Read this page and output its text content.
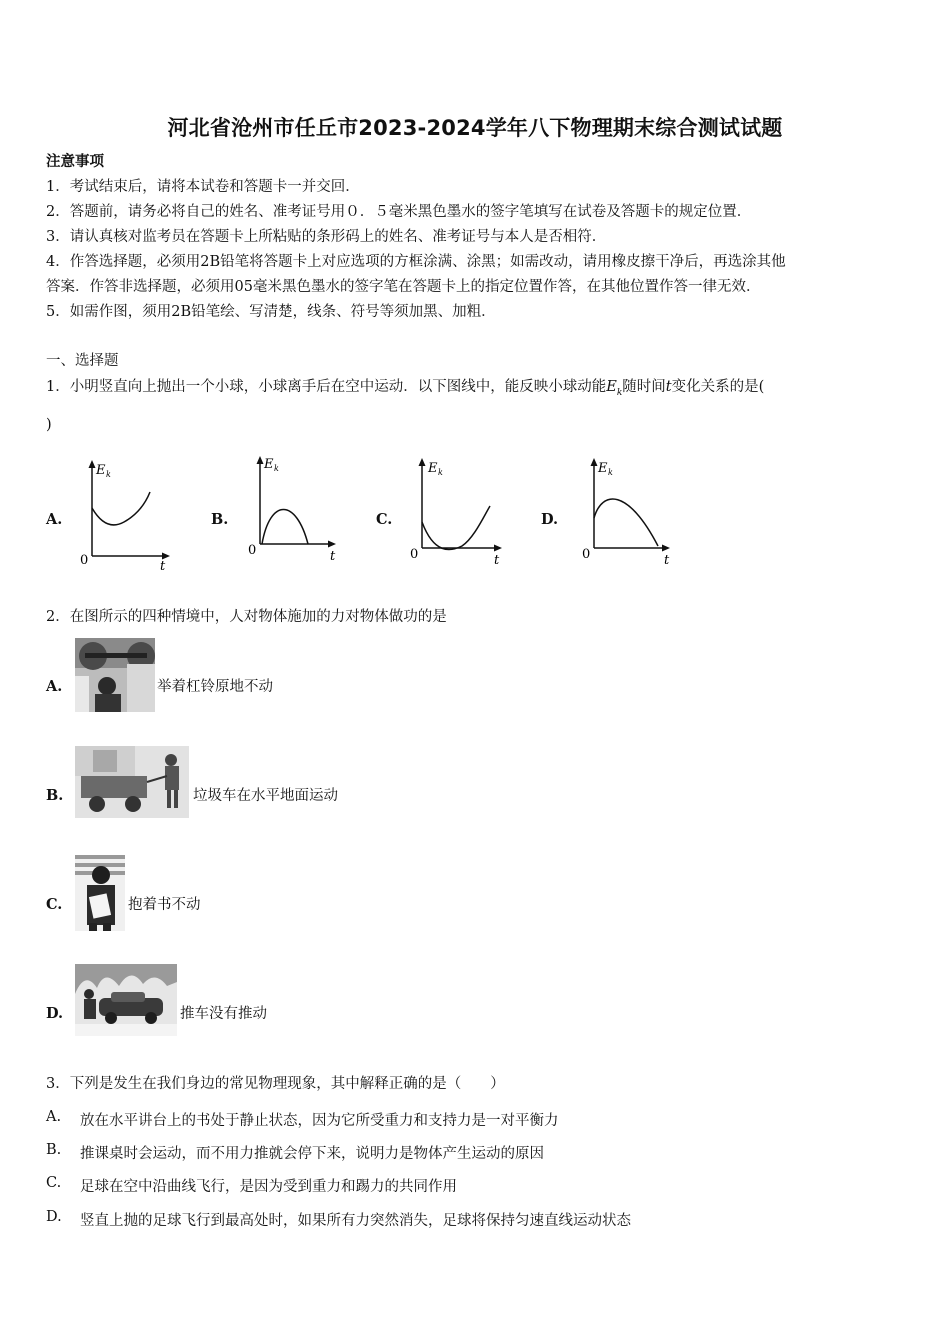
河北省沧州市任丘市2023-2024学年八下物理期末综合测试试题
注意事项
1．考试结束后，请将本试卷和答题卡一并交回．
2．答题前，请务必将自己的姓名、准考证号用０．５毫米黑色墨水的签字笔填写在试卷及答题卡的规定位置．
3．请认真核对监考员在答题卡上所粘贴的条形码上的姓名、准考证号与本人是否相符．
4．作答选择题，必须用2B铅笔将答题卡上对应选项的方框涂满、涂黑；如需改动，请用橡皮擦干净后，再选涂其他
答案．作答非选择题，必须用05毫米黑色墨水的签字笔在答题卡上的指定位置作答，在其他位置作答一律无效．
5．如需作图，须用2B铅笔绘、写清楚，线条、符号等须加黑、加粗．
一、选择题
1．小明竖直向上抛出一个小球，小球离手后在空中运动．以下图线中，能反映小球动能$E_k$随时间t变化关系的是(
)
A.
E k
0	t
B.
E k
0	t
C.
E k
0	t
D.
E k
0	t
2．在图所示的四种情境中，人对物体施加的力对物体做功的是
A.	举着杠铃原地不动
B.	垃圾车在水平地面运动
C.	抱着书不动
D.	推车没有推动
3．下列是发生在我们身边的常见物理现象，其中解释正确的是（　　）
A. 放在水平讲台上的书处于静止状态，因为它所受重力和支持力是一对平衡力
B. 推课桌时会运动，而不用力推就会停下来，说明力是物体产生运动的原因
C. 足球在空中沿曲线飞行，是因为受到重力和踢力的共同作用
D. 竖直上抛的足球飞行到最高处时，如果所有力突然消失，足球将保持匀速直线运动状态
